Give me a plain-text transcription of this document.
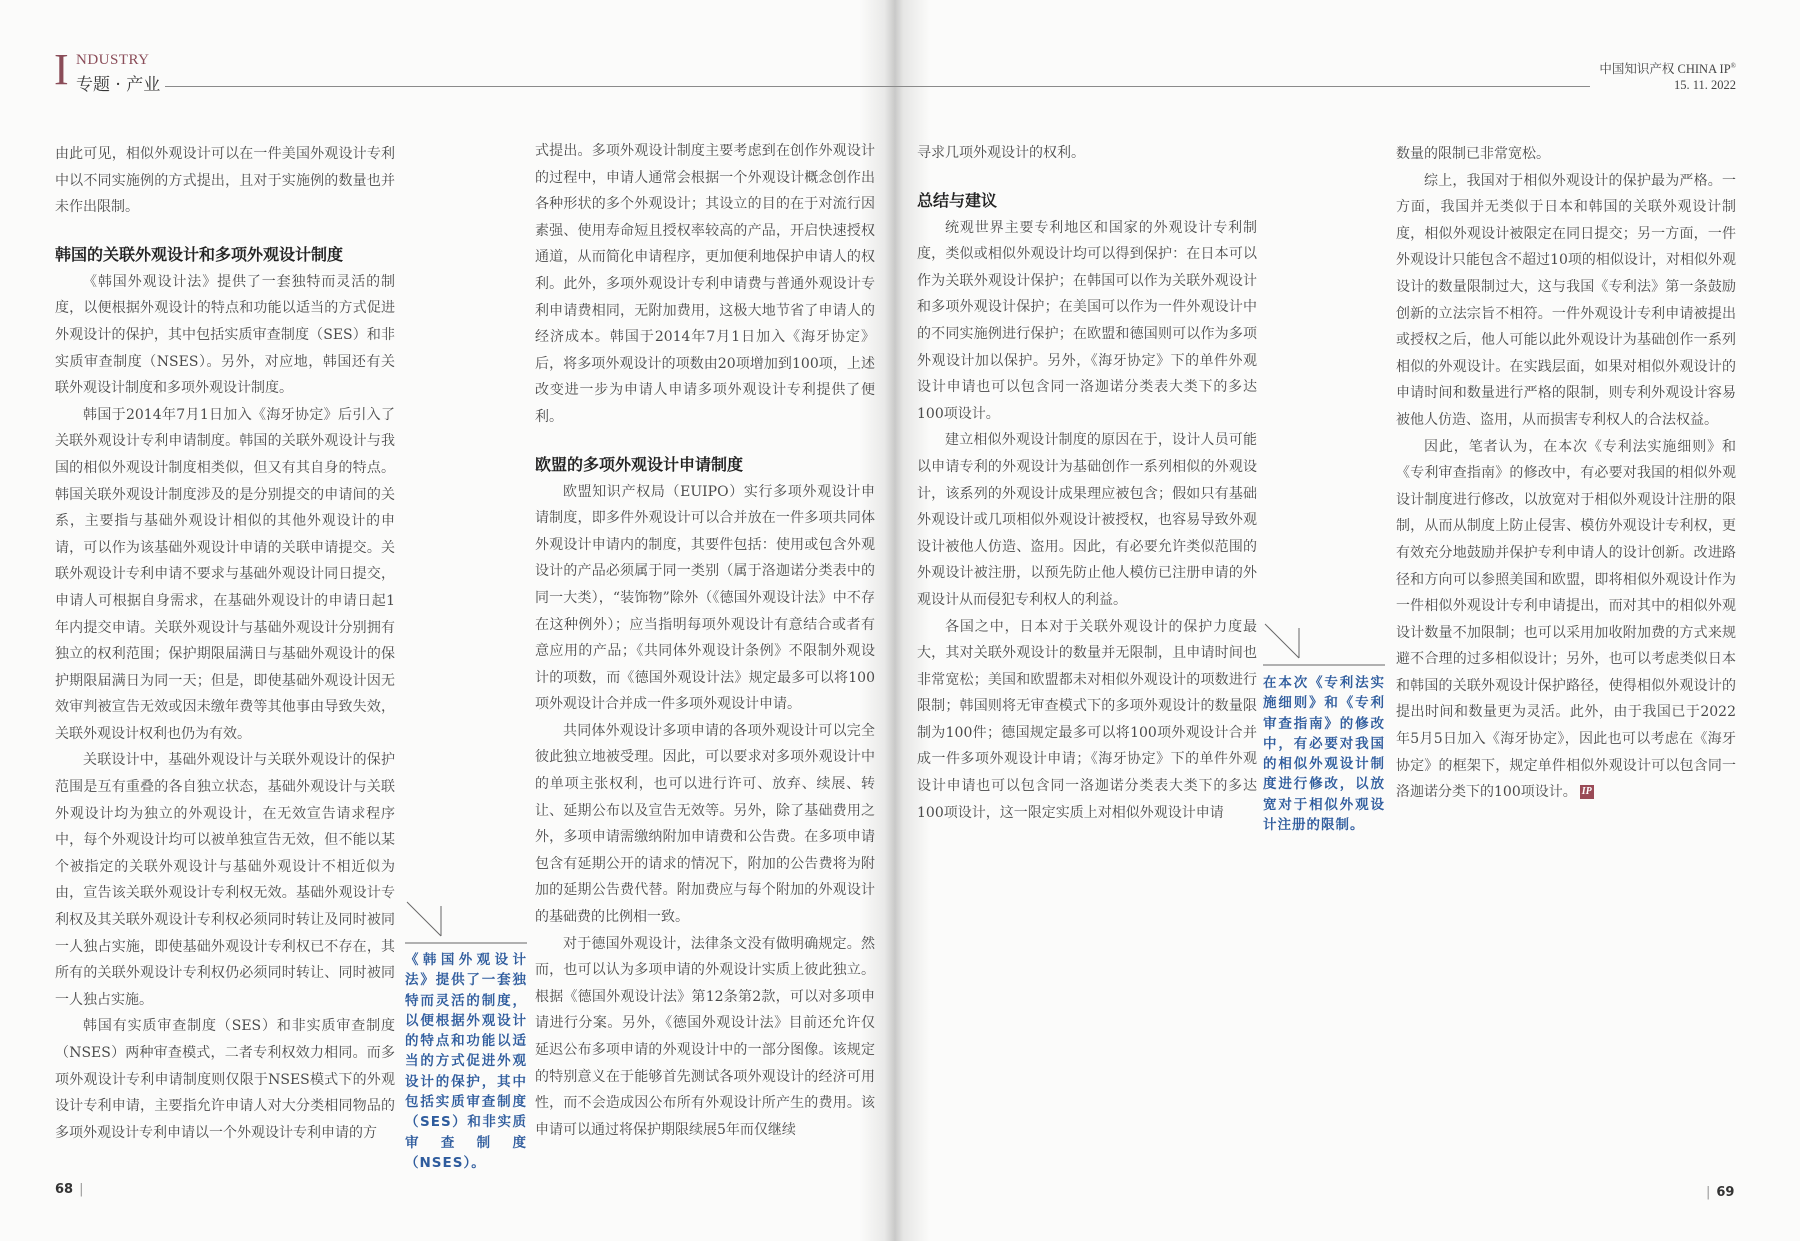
I NDUSTRY
专题 · 产业
中国知识产权 CHINA IP®
15. 11. 2022

由此可见，相似外观设计可以在一件美国外观设计专利中以不同实施例的方式提出，且对于实施例的数量也并未作出限制。

韩国的关联外观设计和多项外观设计制度

《韩国外观设计法》提供了一套独特而灵活的制度，以便根据外观设计的特点和功能以适当的方式促进外观设计的保护，其中包括实质审查制度（SES）和非实质审查制度（NSES）。另外，对应地，韩国还有关联外观设计制度和多项外观设计制度。

韩国于2014年7月1日加入《海牙协定》后引入了关联外观设计专利申请制度。韩国的关联外观设计与我国的相似外观设计制度相类似，但又有其自身的特点。韩国关联外观设计制度涉及的是分别提交的申请间的关系，主要指与基础外观设计相似的其他外观设计的申请，可以作为该基础外观设计申请的关联申请提交。关联外观设计专利申请不要求与基础外观设计同日提交，申请人可根据自身需求，在基础外观设计的申请日起1年内提交申请。关联外观设计与基础外观设计分别拥有独立的权利范围；保护期限届满日与基础外观设计的保护期限届满日为同一天；但是，即使基础外观设计因无效审判被宣告无效或因未缴年费等其他事由导致失效，关联外观设计权利也仍为有效。

关联设计中，基础外观设计与关联外观设计的保护范围是互有重叠的各自独立状态，基础外观设计与关联外观设计均为独立的外观设计，在无效宣告请求程序中，每个外观设计均可以被单独宣告无效，但不能以某个被指定的关联外观设计与基础外观设计不相近似为由，宣告该关联外观设计专利权无效。基础外观设计专利权及其关联外观设计专利权必须同时转让及同时被同一人独占实施，即使基础外观设计专利权已不存在，其所有的关联外观设计专利权仍必须同时转让、同时被同一人独占实施。

韩国有实质审查制度（SES）和非实质审查制度（NSES）两种审查模式，二者专利权效力相同。而多项外观设计专利申请制度则仅限于NSES模式下的外观设计专利申请，主要指允许申请人对大分类相同物品的多项外观设计专利申请以一个外观设计专利申请的方

《韩国外观设计法》提供了一套独特而灵活的制度，以便根据外观设计的特点和功能以适当的方式促进外观设计的保护，其中包括实质审查制度（SES）和非实质审查制度（NSES）。

式提出。多项外观设计制度主要考虑到在创作外观设计的过程中，申请人通常会根据一个外观设计概念创作出各种形状的多个外观设计；其设立的目的在于对流行因素强、使用寿命短且授权率较高的产品，开启快速授权通道，从而简化申请程序，更加便利地保护申请人的权利。此外，多项外观设计专利申请费与普通外观设计专利申请费相同，无附加费用，这极大地节省了申请人的经济成本。韩国于2014年7月1日加入《海牙协定》后，将多项外观设计的项数由20项增加到100项，上述改变进一步为申请人申请多项外观设计专利提供了便利。

欧盟的多项外观设计申请制度

欧盟知识产权局（EUIPO）实行多项外观设计申请制度，即多件外观设计可以合并放在一件多项共同体外观设计申请内的制度，其要件包括：使用或包含外观设计的产品必须属于同一类别（属于洛迦诺分类表中的同一大类），“装饰物”除外（《德国外观设计法》中不存在这种例外）；应当指明每项外观设计有意结合或者有意应用的产品；《共同体外观设计条例》不限制外观设计的项数，而《德国外观设计法》规定最多可以将100项外观设计合并成一件多项外观设计申请。

共同体外观设计多项申请的各项外观设计可以完全彼此独立地被受理。因此，可以要求对多项外观设计中的单项主张权利，也可以进行许可、放弃、续展、转让、延期公布以及宣告无效等。另外，除了基础费用之外，多项申请需缴纳附加申请费和公告费。在多项申请包含有延期公开的请求的情况下，附加的公告费将为附加的延期公告费代替。附加费应与每个附加的外观设计的基础费的比例相一致。

对于德国外观设计，法律条文没有做明确规定。然而，也可以认为多项申请的外观设计实质上彼此独立。根据《德国外观设计法》第12条第2款，可以对多项申请进行分案。另外，《德国外观设计法》目前还允许仅延迟公布多项申请的外观设计中的一部分图像。该规定的特别意义在于能够首先测试各项外观设计的经济可用性，而不会造成因公布所有外观设计所产生的费用。该申请可以通过将保护期限续展5年而仅继续

寻求几项外观设计的权利。

总结与建议

统观世界主要专利地区和国家的外观设计专利制度，类似或相似外观设计均可以得到保护：在日本可以作为关联外观设计保护；在韩国可以作为关联外观设计和多项外观设计保护；在美国可以作为一件外观设计中的不同实施例进行保护；在欧盟和德国则可以作为多项外观设计加以保护。另外，《海牙协定》下的单件外观设计申请也可以包含同一洛迦诺分类表大类下的多达100项设计。

建立相似外观设计制度的原因在于，设计人员可能以申请专利的外观设计为基础创作一系列相似的外观设计，该系列的外观设计成果理应被包含；假如只有基础外观设计或几项相似外观设计被授权，也容易导致外观设计被他人仿造、盗用。因此，有必要允许类似范围的外观设计被注册，以预先防止他人模仿已注册申请的外观设计从而侵犯专利权人的利益。

各国之中，日本对于关联外观设计的保护力度最大，其对关联外观设计的数量并无限制，且申请时间也非常宽松；美国和欧盟都未对相似外观设计的项数进行限制；韩国则将无审查模式下的多项外观设计的数量限制为100件；德国规定最多可以将100项外观设计合并成一件多项外观设计申请；《海牙协定》下的单件外观设计申请也可以包含同一洛迦诺分类表大类下的多达100项设计，这一限定实质上对相似外观设计申请

在本次《专利法实施细则》和《专利审查指南》的修改中，有必要对我国的相似外观设计制度进行修改，以放宽对于相似外观设计注册的限制。

数量的限制已非常宽松。

综上，我国对于相似外观设计的保护最为严格。一方面，我国并无类似于日本和韩国的关联外观设计制度，相似外观设计被限定在同日提交；另一方面，一件外观设计只能包含不超过10项的相似设计，对相似外观设计的数量限制过大，这与我国《专利法》第一条鼓励创新的立法宗旨不相符。一件外观设计专利申请被提出或授权之后，他人可能以此外观设计为基础创作一系列相似的外观设计。在实践层面，如果对相似外观设计的申请时间和数量进行严格的限制，则专利外观设计容易被他人仿造、盗用，从而损害专利权人的合法权益。

因此，笔者认为，在本次《专利法实施细则》和《专利审查指南》的修改中，有必要对我国的相似外观设计制度进行修改，以放宽对于相似外观设计注册的限制，从而从制度上防止侵害、模仿外观设计专利权，更有效充分地鼓励并保护专利申请人的设计创新。改进路径和方向可以参照美国和欧盟，即将相似外观设计作为一件相似外观设计专利申请提出，而对其中的相似外观设计数量不加限制；也可以采用加收附加费的方式来规避不合理的过多相似设计；另外，也可以考虑类似日本和韩国的关联外观设计保护路径，使得相似外观设计的提出时间和数量更为灵活。此外，由于我国已于2022年5月5日加入《海牙协定》，因此也可以考虑在《海牙协定》的框架下，规定单件相似外观设计可以包含同一洛迦诺分类下的100项设计。 IP

68 |	| 69
